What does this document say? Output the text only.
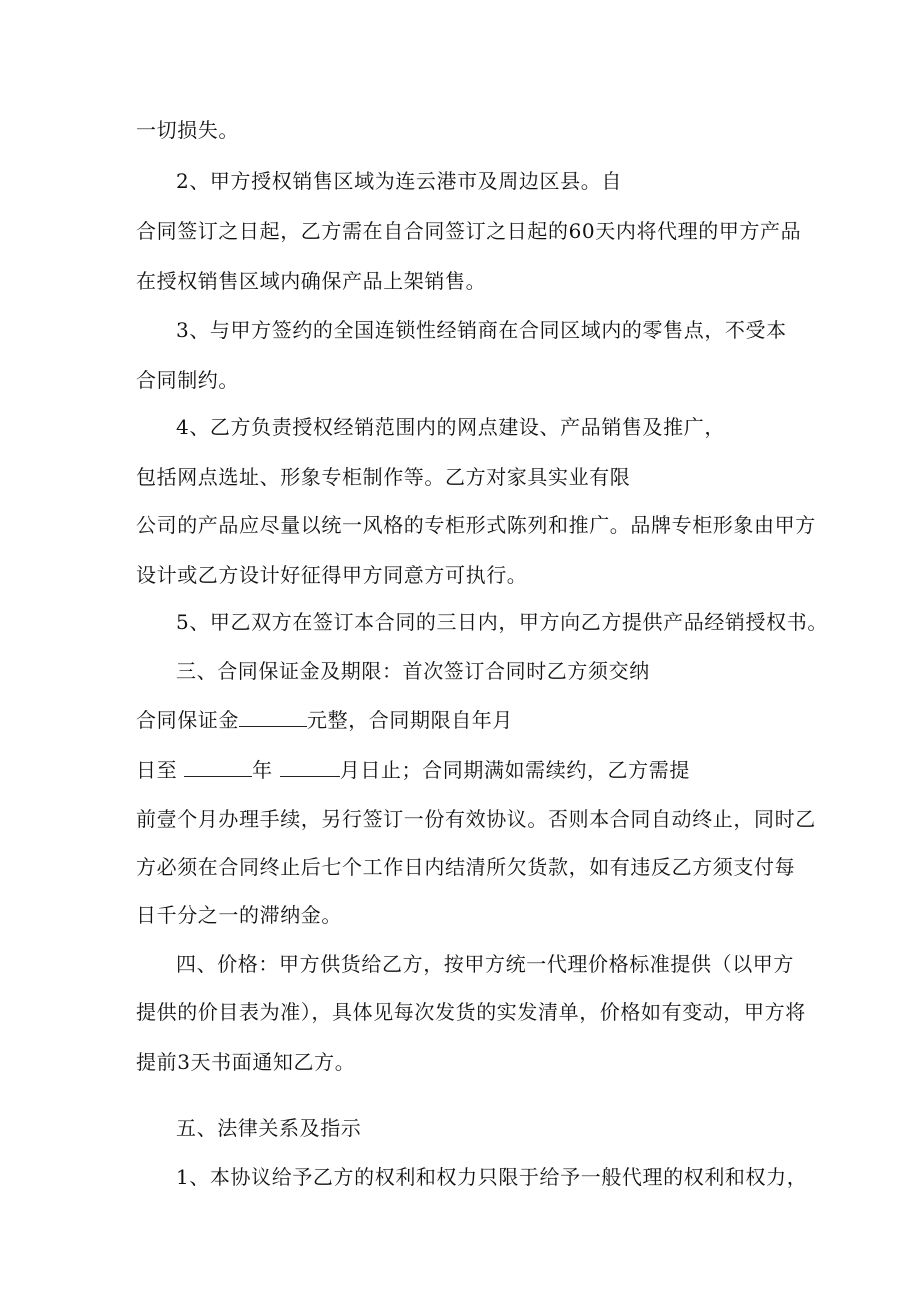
一切损失。
2、甲方授权销售区域为连云港市及周边区县。自
合同签订之日起，乙方需在自合同签订之日起的60天内将代理的甲方产品
在授权销售区域内确保产品上架销售。
3、与甲方签约的全国连锁性经销商在合同区域内的零售点，不受本
合同制约。
4、乙方负责授权经销范围内的网点建设、产品销售及推广，
包括网点选址、形象专柜制作等。乙方对家具实业有限
公司的产品应尽量以统一风格的专柜形式陈列和推广。品牌专柜形象由甲方
设计或乙方设计好征得甲方同意方可执行。
5、甲乙双方在签订本合同的三日内，甲方向乙方提供产品经销授权书。
三、合同保证金及期限：首次签订合同时乙方须交纳
合同保证金	元整，合同期限自年月
日至	年	月日止；合同期满如需续约，乙方需提
前壹个月办理手续，另行签订一份有效协议。否则本合同自动终止，同时乙
方必须在合同终止后七个工作日内结清所欠货款，如有违反乙方须支付每
日千分之一的滞纳金。
四、价格：甲方供货给乙方，按甲方统一代理价格标准提供（以甲方
提供的价目表为准），具体见每次发货的实发清单，价格如有变动，甲方将
提前3天书面通知乙方。
五、法律关系及指示
1、本协议给予乙方的权利和权力只限于给予一般代理的权利和权力，
